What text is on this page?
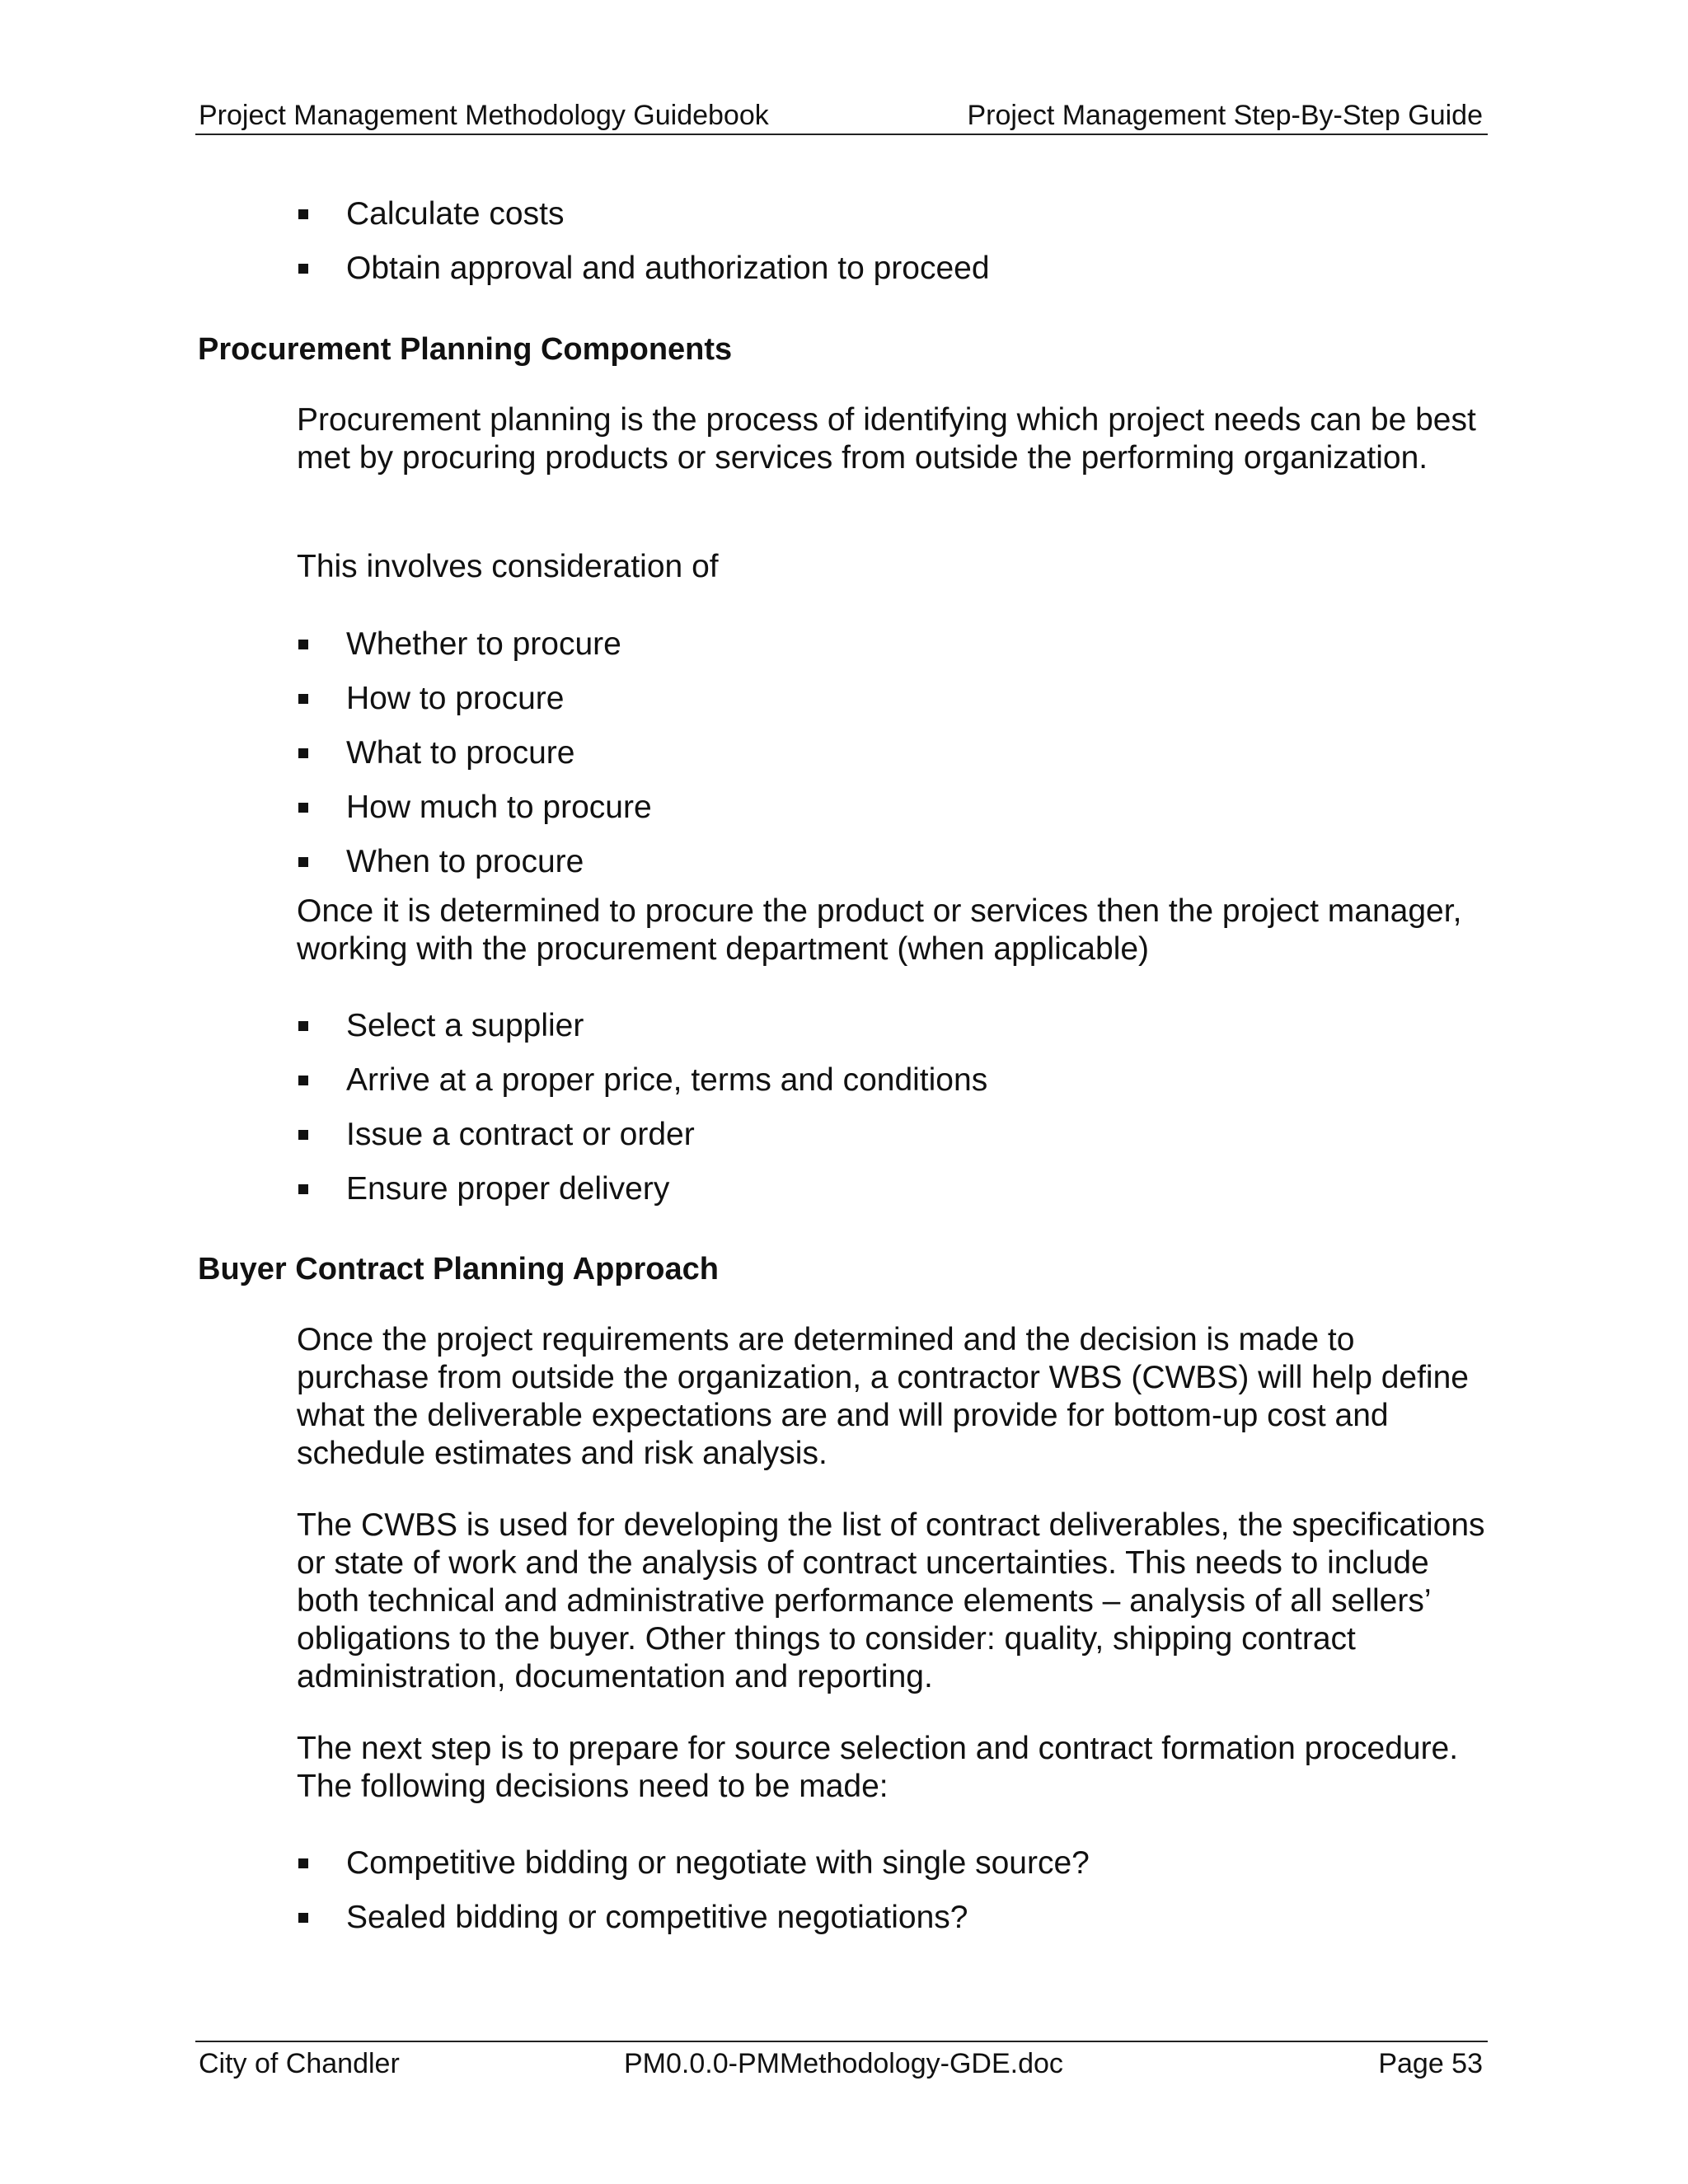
Project Management Methodology Guidebook	Project Management Step-By-Step Guide
Calculate costs
Obtain approval and authorization to proceed
Procurement Planning Components

Procurement planning is the process of identifying which project needs can be best met by procuring products or services from outside the performing organization.

This involves consideration of

Whether to procure
How to procure
What to procure
How much to procure
When to procure

Once it is determined to procure the product or services then the project manager, working with the procurement department (when applicable)

Select a supplier
Arrive at a proper price, terms and conditions
Issue a contract or order
Ensure proper delivery
Buyer Contract Planning Approach

Once the project requirements are determined and the decision is made to purchase from outside the organization, a contractor WBS (CWBS) will help define what the deliverable expectations are and will provide for bottom-up cost and schedule estimates and risk analysis.

The CWBS is used for developing the list of contract deliverables, the specifications or state of work and the analysis of contract uncertainties. This needs to include both technical and administrative performance elements – analysis of all sellers’ obligations to the buyer. Other things to consider: quality, shipping contract administration, documentation and reporting.

The next step is to prepare for source selection and contract formation procedure. The following decisions need to be made:

Competitive bidding or negotiate with single source?
Sealed bidding or competitive negotiations?
City of Chandler	PM0.0.0-PMMethodology-GDE.doc	Page 53
